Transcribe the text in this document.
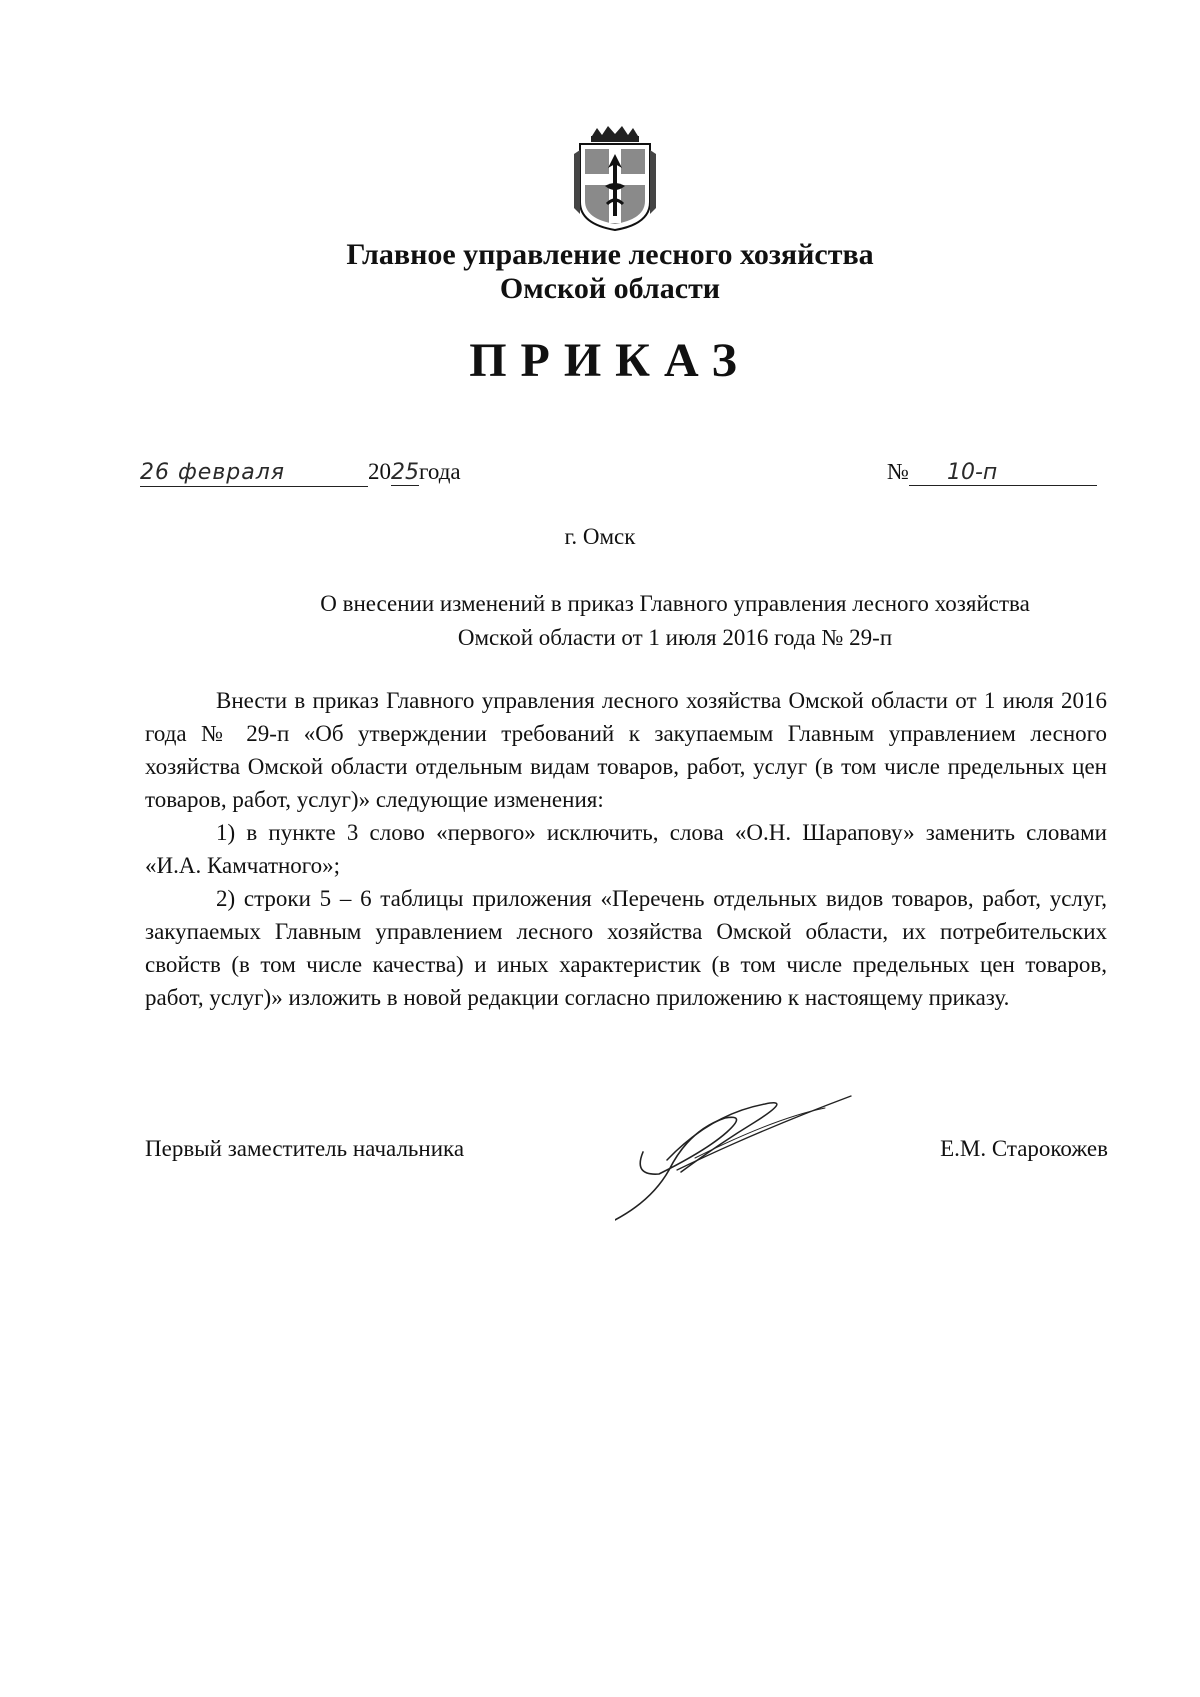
Главное управление лесного хозяйства
Омской области
ПРИКАЗ
26 февраля	2025года	№ 10-п
г. Омск

О внесении изменений в приказ Главного управления лесного хозяйства

Омской области от 1 июля 2016 года № 29-п

Внести в приказ Главного управления лесного хозяйства Омской области от 1 июля 2016 года № 29-п «Об утверждении требований к закупаемым Главным управлением лесного хозяйства Омской области отдельным видам товаров, работ, услуг (в том числе предельных цен товаров, работ, услуг)» следующие изменения:

1) в пункте 3 слово «первого» исключить, слова «О.Н. Шарапову» заменить словами «И.А. Камчатного»;

2) строки 5 – 6 таблицы приложения «Перечень отдельных видов товаров, работ, услуг, закупаемых Главным управлением лесного хозяйства Омской области, их потребительских свойств (в том числе качества) и иных характеристик (в том числе предельных цен товаров, работ, услуг)» изложить в новой редакции согласно приложению к настоящему приказу.

Первый заместитель начальника	Е.М. Старокожев
